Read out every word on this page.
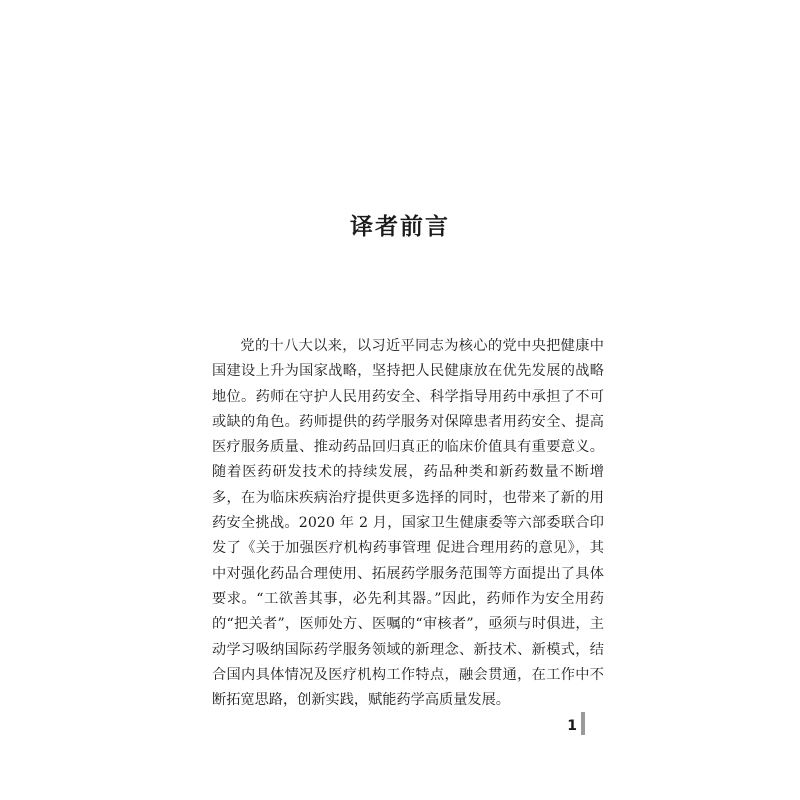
译者前言

党的十八大以来，以习近平同志为核心的党中央把健康中国建设上升为国家战略，坚持把人民健康放在优先发展的战略地位。药师在守护人民用药安全、科学指导用药中承担了不可或缺的角色。药师提供的药学服务对保障患者用药安全、提高医疗服务质量、推动药品回归真正的临床价值具有重要意义。随着医药研发技术的持续发展，药品种类和新药数量不断增多，在为临床疾病治疗提供更多选择的同时，也带来了新的用药安全挑战。2020 年 2 月，国家卫生健康委等六部委联合印发了《关于加强医疗机构药事管理 促进合理用药的意见》，其中对强化药品合理使用、拓展药学服务范围等方面提出了具体要求。“工欲善其事，必先利其器。”因此，药师作为安全用药的“把关者”，医师处方、医嘱的“审核者”，亟须与时俱进，主动学习吸纳国际药学服务领域的新理念、新技术、新模式，结合国内具体情况及医疗机构工作特点，融会贯通，在工作中不断拓宽思路，创新实践，赋能药学高质量发展。

1
